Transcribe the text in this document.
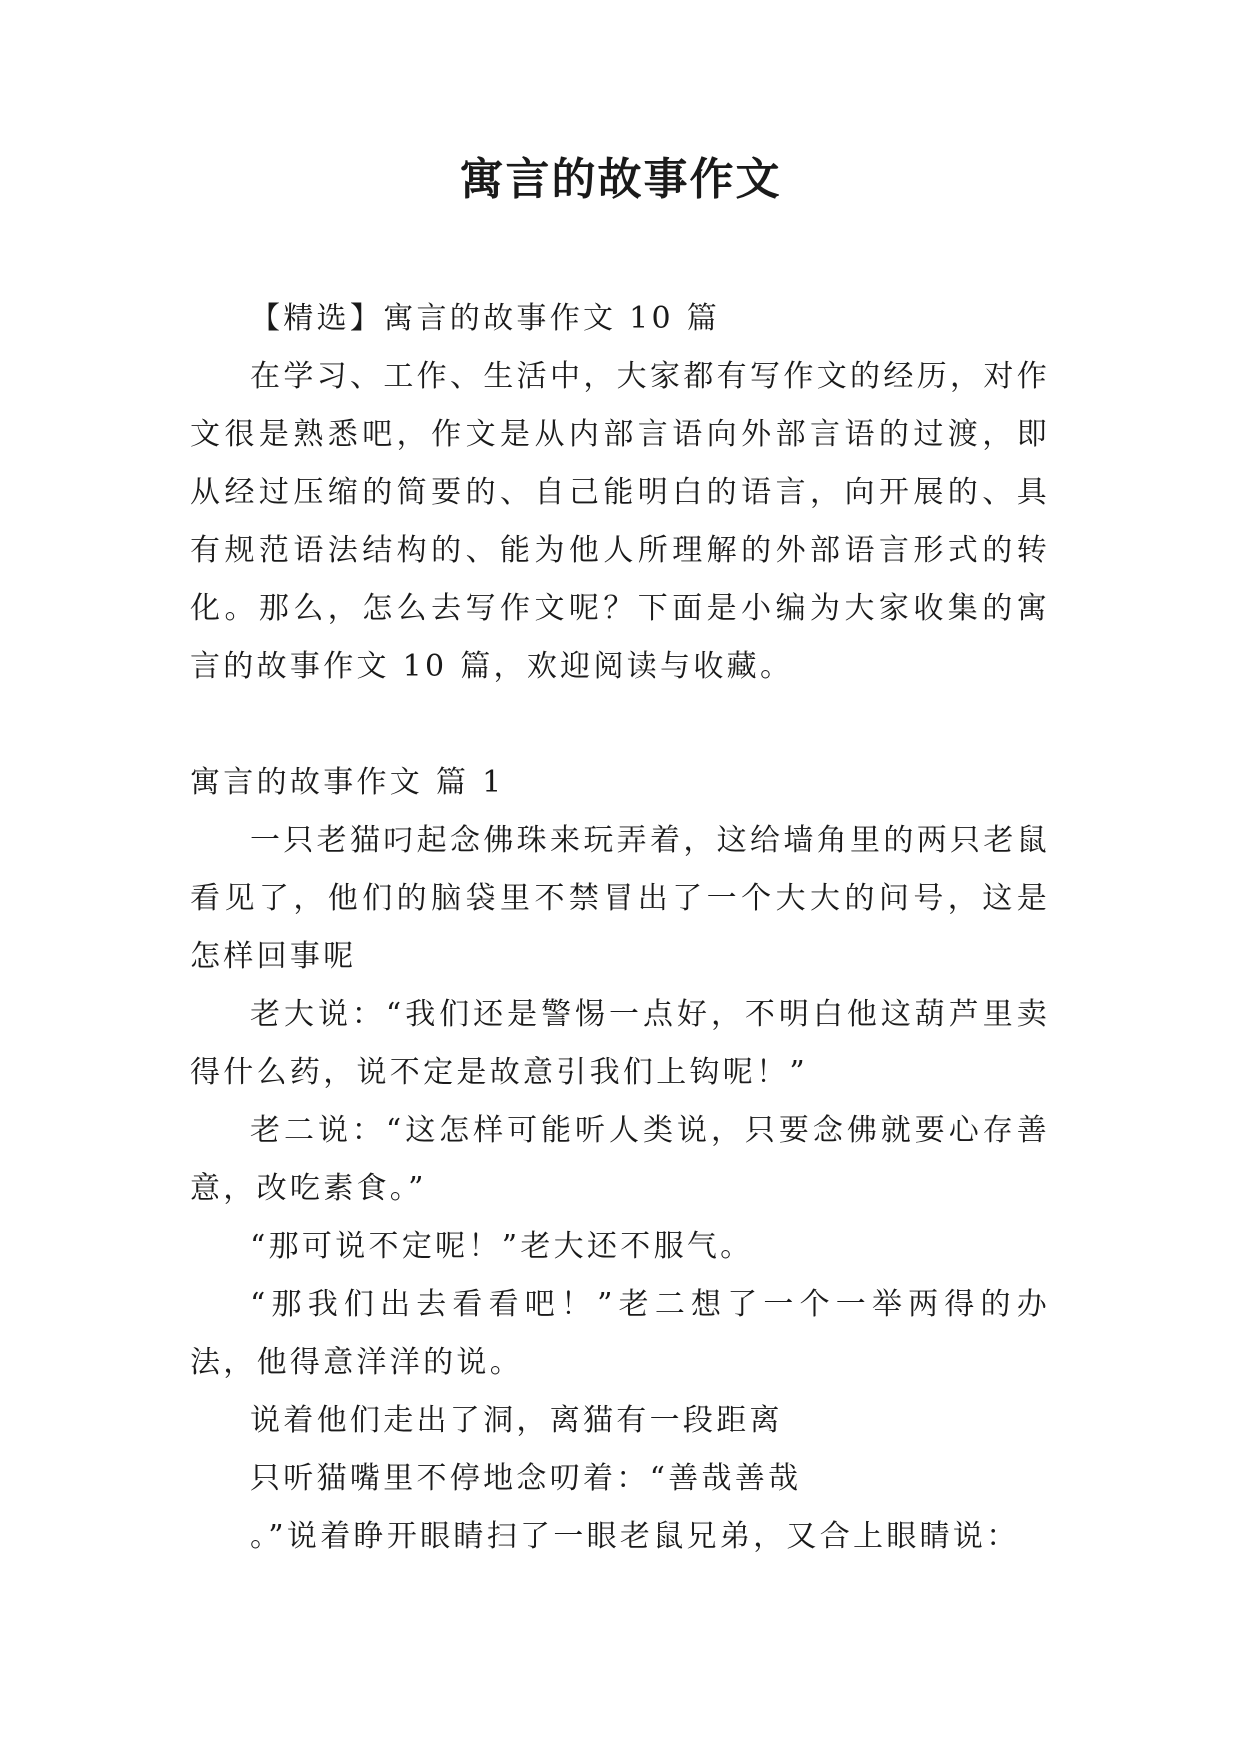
寓言的故事作文

【精选】寓言的故事作文 10 篇

在学习、工作、生活中，大家都有写作文的经历，对作文很是熟悉吧，作文是从内部言语向外部言语的过渡，即从经过压缩的简要的、自己能明白的语言，向开展的、具有规范语法结构的、能为他人所理解的外部语言形式的转化。那么，怎么去写作文呢？下面是小编为大家收集的寓言的故事作文 10 篇，欢迎阅读与收藏。

寓言的故事作文 篇 1

一只老猫叼起念佛珠来玩弄着，这给墙角里的两只老鼠看见了，他们的脑袋里不禁冒出了一个大大的问号，这是怎样回事呢

老大说：“我们还是警惕一点好，不明白他这葫芦里卖得什么药，说不定是故意引我们上钩呢！”

老二说：“这怎样可能听人类说，只要念佛就要心存善意，改吃素食。”

“那可说不定呢！”老大还不服气。

“那我们出去看看吧！”老二想了一个一举两得的办法，他得意洋洋的说。

说着他们走出了洞，离猫有一段距离

只听猫嘴里不停地念叨着：“善哉善哉

。”说着睁开眼睛扫了一眼老鼠兄弟，又合上眼睛说：
